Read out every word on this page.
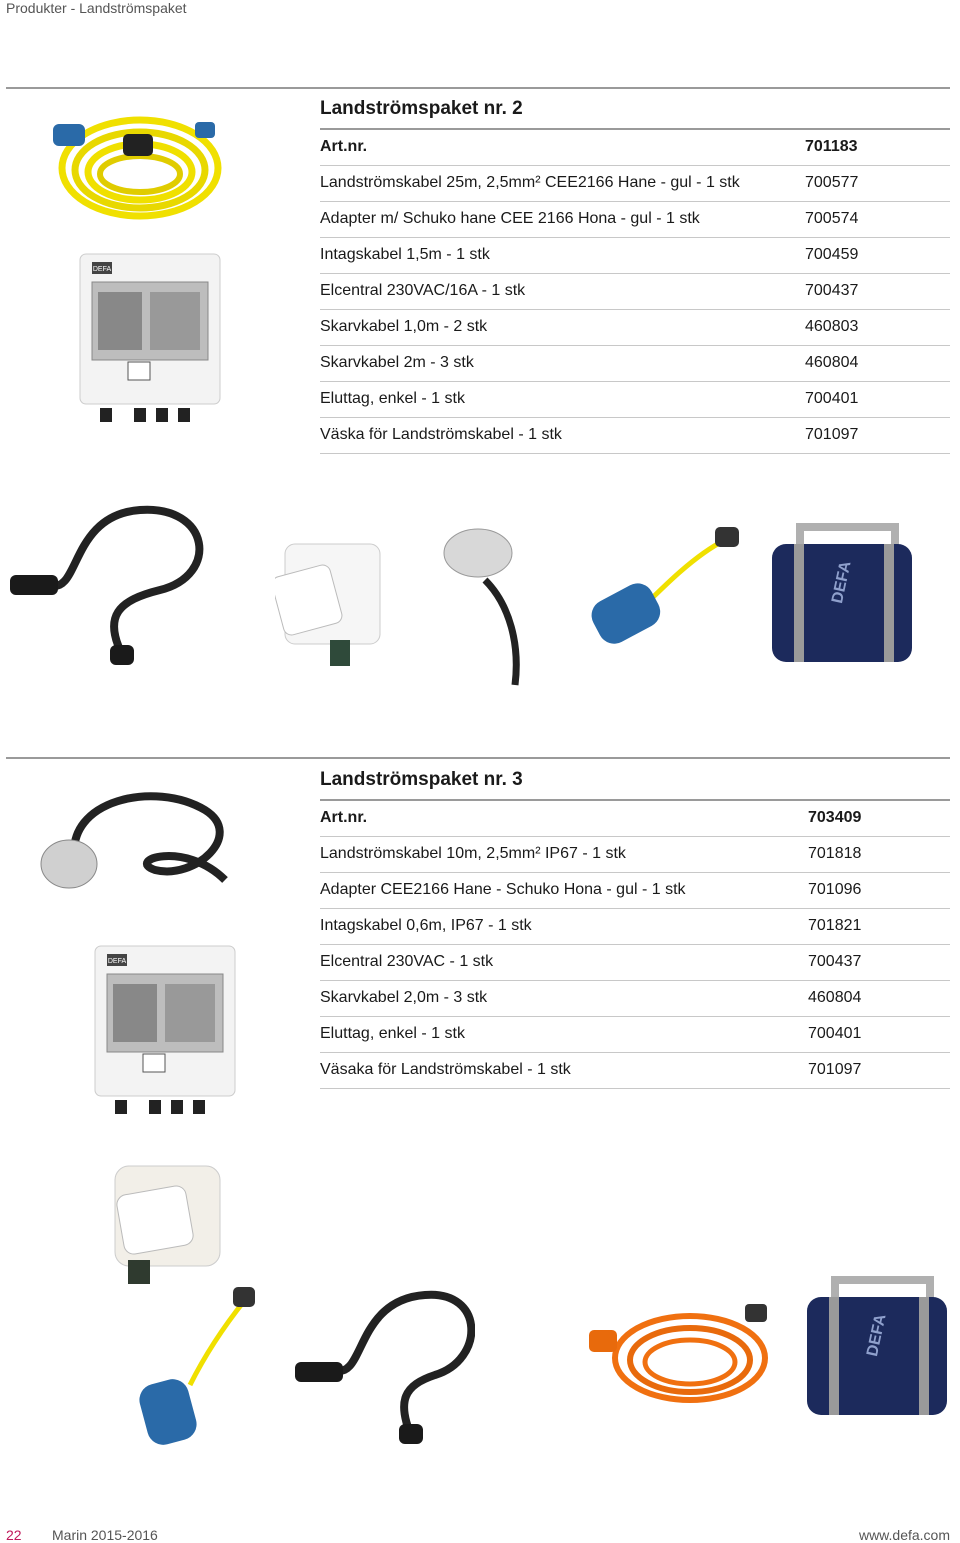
Produkter - Landströmspaket
Landströmspaket nr. 2
Art.nr.	701183
Landströmskabel 25m, 2,5mm² CEE2166 Hane - gul - 1 stk	700577
Adapter m/ Schuko hane CEE 2166 Hona - gul - 1 stk	700574
Intagskabel 1,5m - 1 stk	700459
Elcentral 230VAC/16A - 1 stk	700437
Skarvkabel 1,0m - 2 stk	460803
Skarvkabel 2m - 3 stk	460804
Eluttag, enkel - 1 stk	700401
Väska för Landströmskabel - 1 stk	701097
DEFA
DEFA
Landströmspaket nr. 3
Art.nr.	703409
Landströmskabel 10m, 2,5mm² IP67 - 1 stk	701818
Adapter CEE2166 Hane - Schuko Hona - gul - 1 stk	701096
Intagskabel 0,6m, IP67 - 1 stk	701821
Elcentral 230VAC - 1 stk	700437
Skarvkabel 2,0m - 3 stk	460804
Eluttag, enkel - 1 stk	700401
Väsaka för Landströmskabel - 1 stk	701097
DEFA
DEFA
22 Marin 2015-2016	www.defa.com
